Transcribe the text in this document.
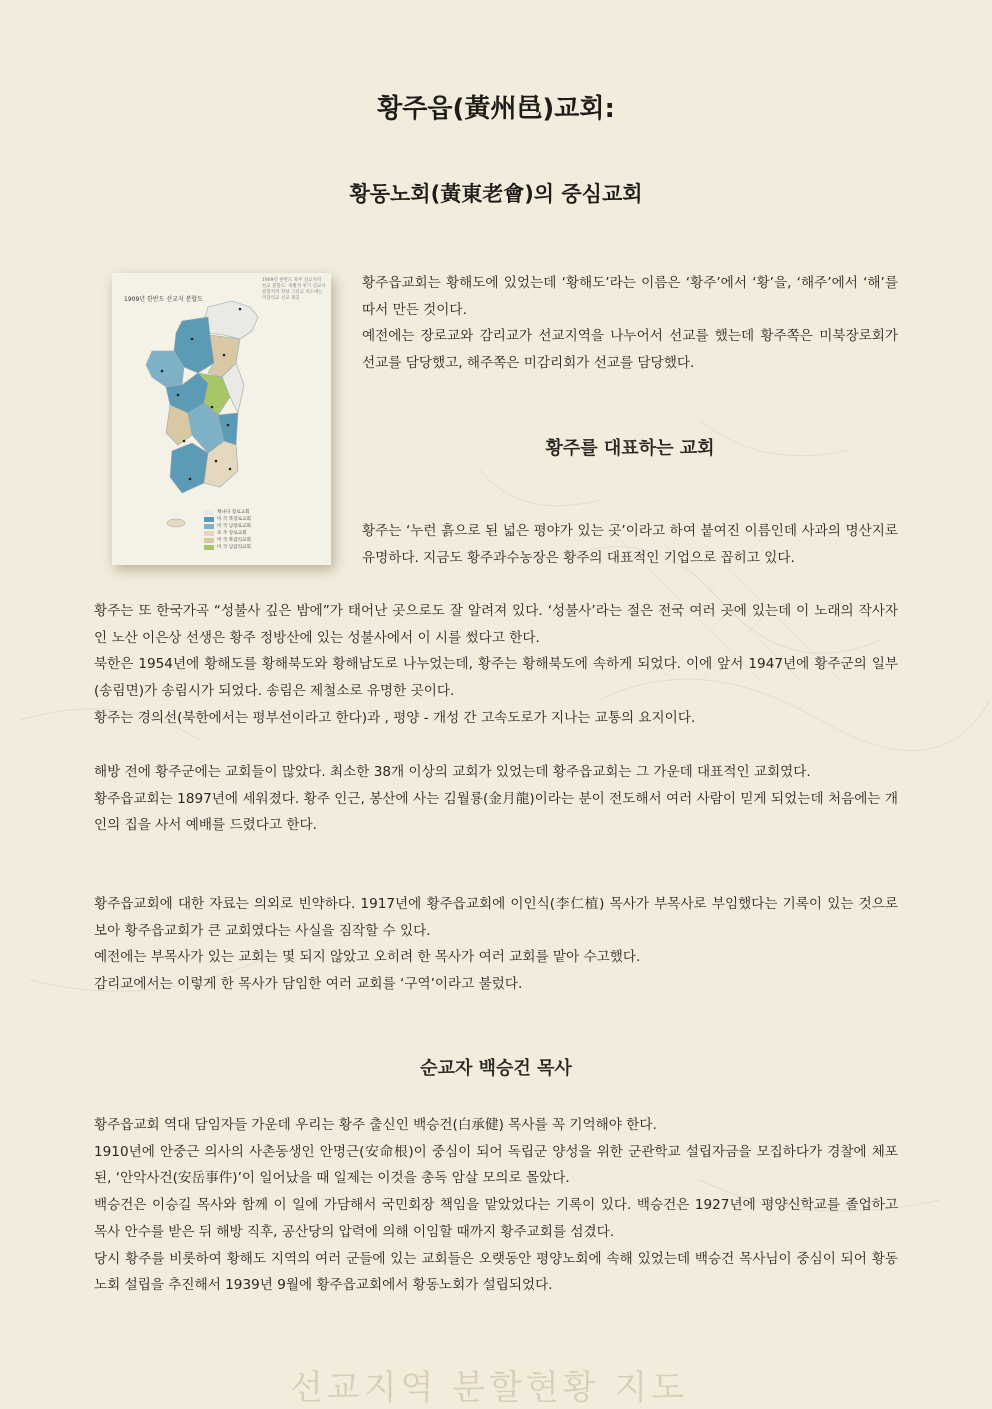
황주읍(黃州邑)교회:
황동노회(黃東老會)의 중심교회
1909년 한반도 선교지 분할도
1909년 한반도 북부 선교지역 선교 분할도. 개별적 후기 선교사 분할지역 작성 그리고 지도에는 미감리교 선교 제공
캐나다 장로교회
미 국 북장로교회
미 국 남장로교회
호 주 장로교회
미 국 북감리교회
미 국 남감리교회

황주읍교회는 황해도에 있었는데 ‘황해도’라는 이름은 ‘황주’에서 ‘황’을, ‘해주’에서 ‘해’를 따서 만든 것이다.

예전에는 장로교와 감리교가 선교지역을 나누어서 선교를 했는데 황주쪽은 미북장로회가 선교를 담당했고, 해주쪽은 미감리회가 선교를 담당했다.

황주를 대표하는 교회

황주는 ‘누런 흙으로 된 넓은 평야가 있는 곳’이라고 하여 붙여진 이름인데 사과의 명산지로 유명하다. 지금도 황주과수농장은 황주의 대표적인 기업으로 꼽히고 있다.

황주는 또 한국가곡 “성불사 깊은 밤에”가 태어난 곳으로도 잘 알려져 있다. ‘성불사’라는 절은 전국 여러 곳에 있는데 이 노래의 작사자인 노산 이은상 선생은 황주 정방산에 있는 성불사에서 이 시를 썼다고 한다.

북한은 1954년에 황해도를 황해북도와 황해남도로 나누었는데, 황주는 황해북도에 속하게 되었다. 이에 앞서 1947년에 황주군의 일부(송림면)가 송림시가 되었다. 송림은 제철소로 유명한 곳이다.

황주는 경의선(북한에서는 평부선이라고 한다)과 , 평양 - 개성 간 고속도로가 지나는 교통의 요지이다.

해방 전에 황주군에는 교회들이 많았다. 최소한 38개 이상의 교회가 있었는데 황주읍교회는 그 가운데 대표적인 교회였다.

황주읍교회는 1897년에 세워졌다. 황주 인근, 봉산에 사는 김월룡(金月龍)이라는 분이 전도해서 여러 사람이 믿게 되었는데 처음에는 개인의 집을 사서 예배를 드렸다고 한다.

황주읍교회에 대한 자료는 의외로 빈약하다. 1917년에 황주읍교회에 이인식(李仁植) 목사가 부목사로 부임했다는 기록이 있는 것으로 보아 황주읍교회가 큰 교회였다는 사실을 짐작할 수 있다.

예전에는 부목사가 있는 교회는 몇 되지 않았고 오히려 한 목사가 여러 교회를 맡아 수고했다.

감리교에서는 이렇게 한 목사가 담임한 여러 교회를 ‘구역’이라고 불렀다.

순교자 백승건 목사

황주읍교회 역대 담임자들 가운데 우리는 황주 출신인 백승건(白承健) 목사를 꼭 기억해야 한다.

1910년에 안중근 의사의 사촌동생인 안명근(安命根)이 중심이 되어 독립군 양성을 위한 군관학교 설립자금을 모집하다가 경찰에 체포된, ‘안악사건(安岳事件)’이 일어났을 때 일제는 이것을 총독 암살 모의로 몰았다.

백승건은 이승길 목사와 함께 이 일에 가담해서 국민회장 책임을 맡았었다는 기록이 있다. 백승건은 1927년에 평양신학교를 졸업하고 목사 안수를 받은 뒤 해방 직후, 공산당의 압력에 의해 이임할 때까지 황주교회를 섬겼다.

당시 황주를 비롯하여 황해도 지역의 여러 군들에 있는 교회들은 오랫동안 평양노회에 속해 있었는데 백승건 목사님이 중심이 되어 황동노회 설립을 추진해서 1939년 9월에 황주읍교회에서 황동노회가 설립되었다.

선교지역 분할현황 지도
